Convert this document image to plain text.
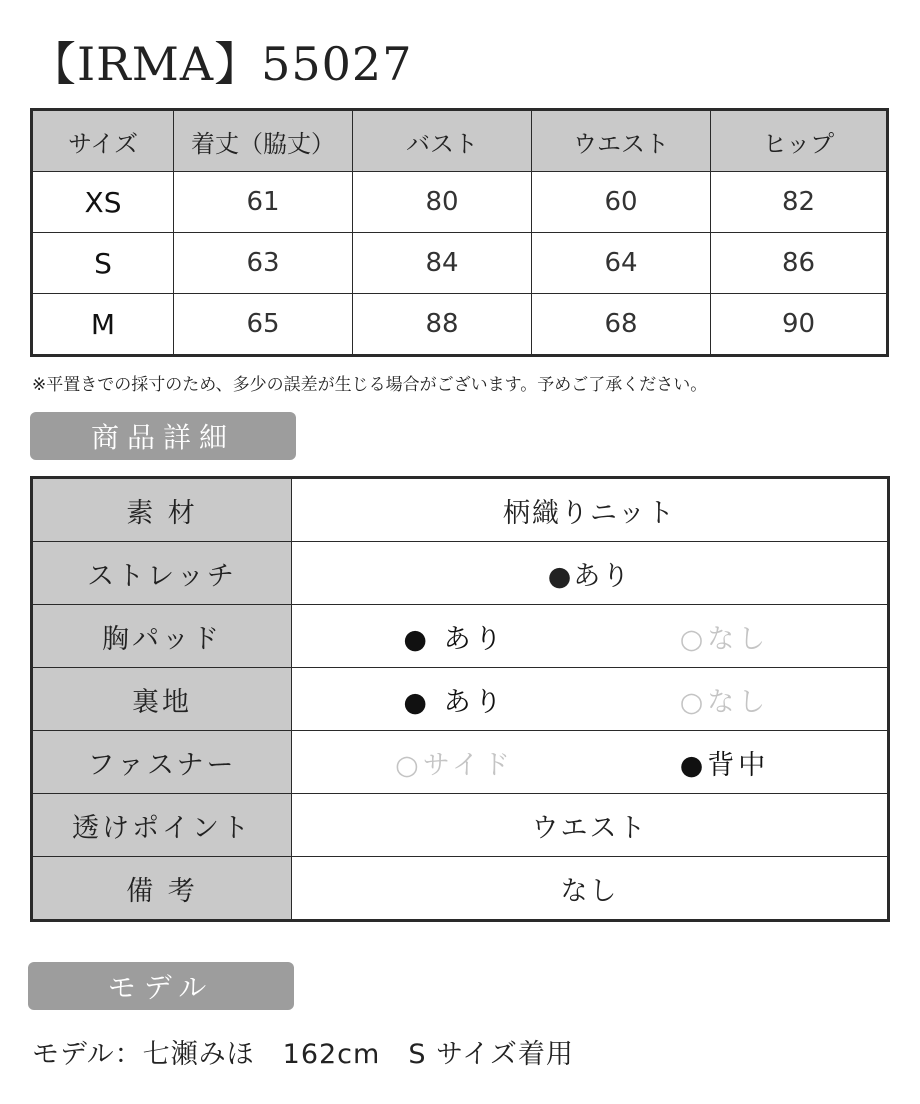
【IRMA】55027
サイズ	着丈（脇丈）	バスト	ウエスト	ヒップ
XS	61	80	60	82
S	63	84	64	86
M	65	88	68	90
※平置きでの採寸のため、多少の誤差が生じる場合がございます。予めご了承ください。
商品詳細
素 材	柄織りニット
ストレッチ	●あり
胸パッド	● あり ○なし
裏地	● あり ○なし
ファスナー	○サイド ●背中
透けポイント	ウエスト
備 考	なし
モデル
モデル：七瀬みほ　162cm　S サイズ着用
